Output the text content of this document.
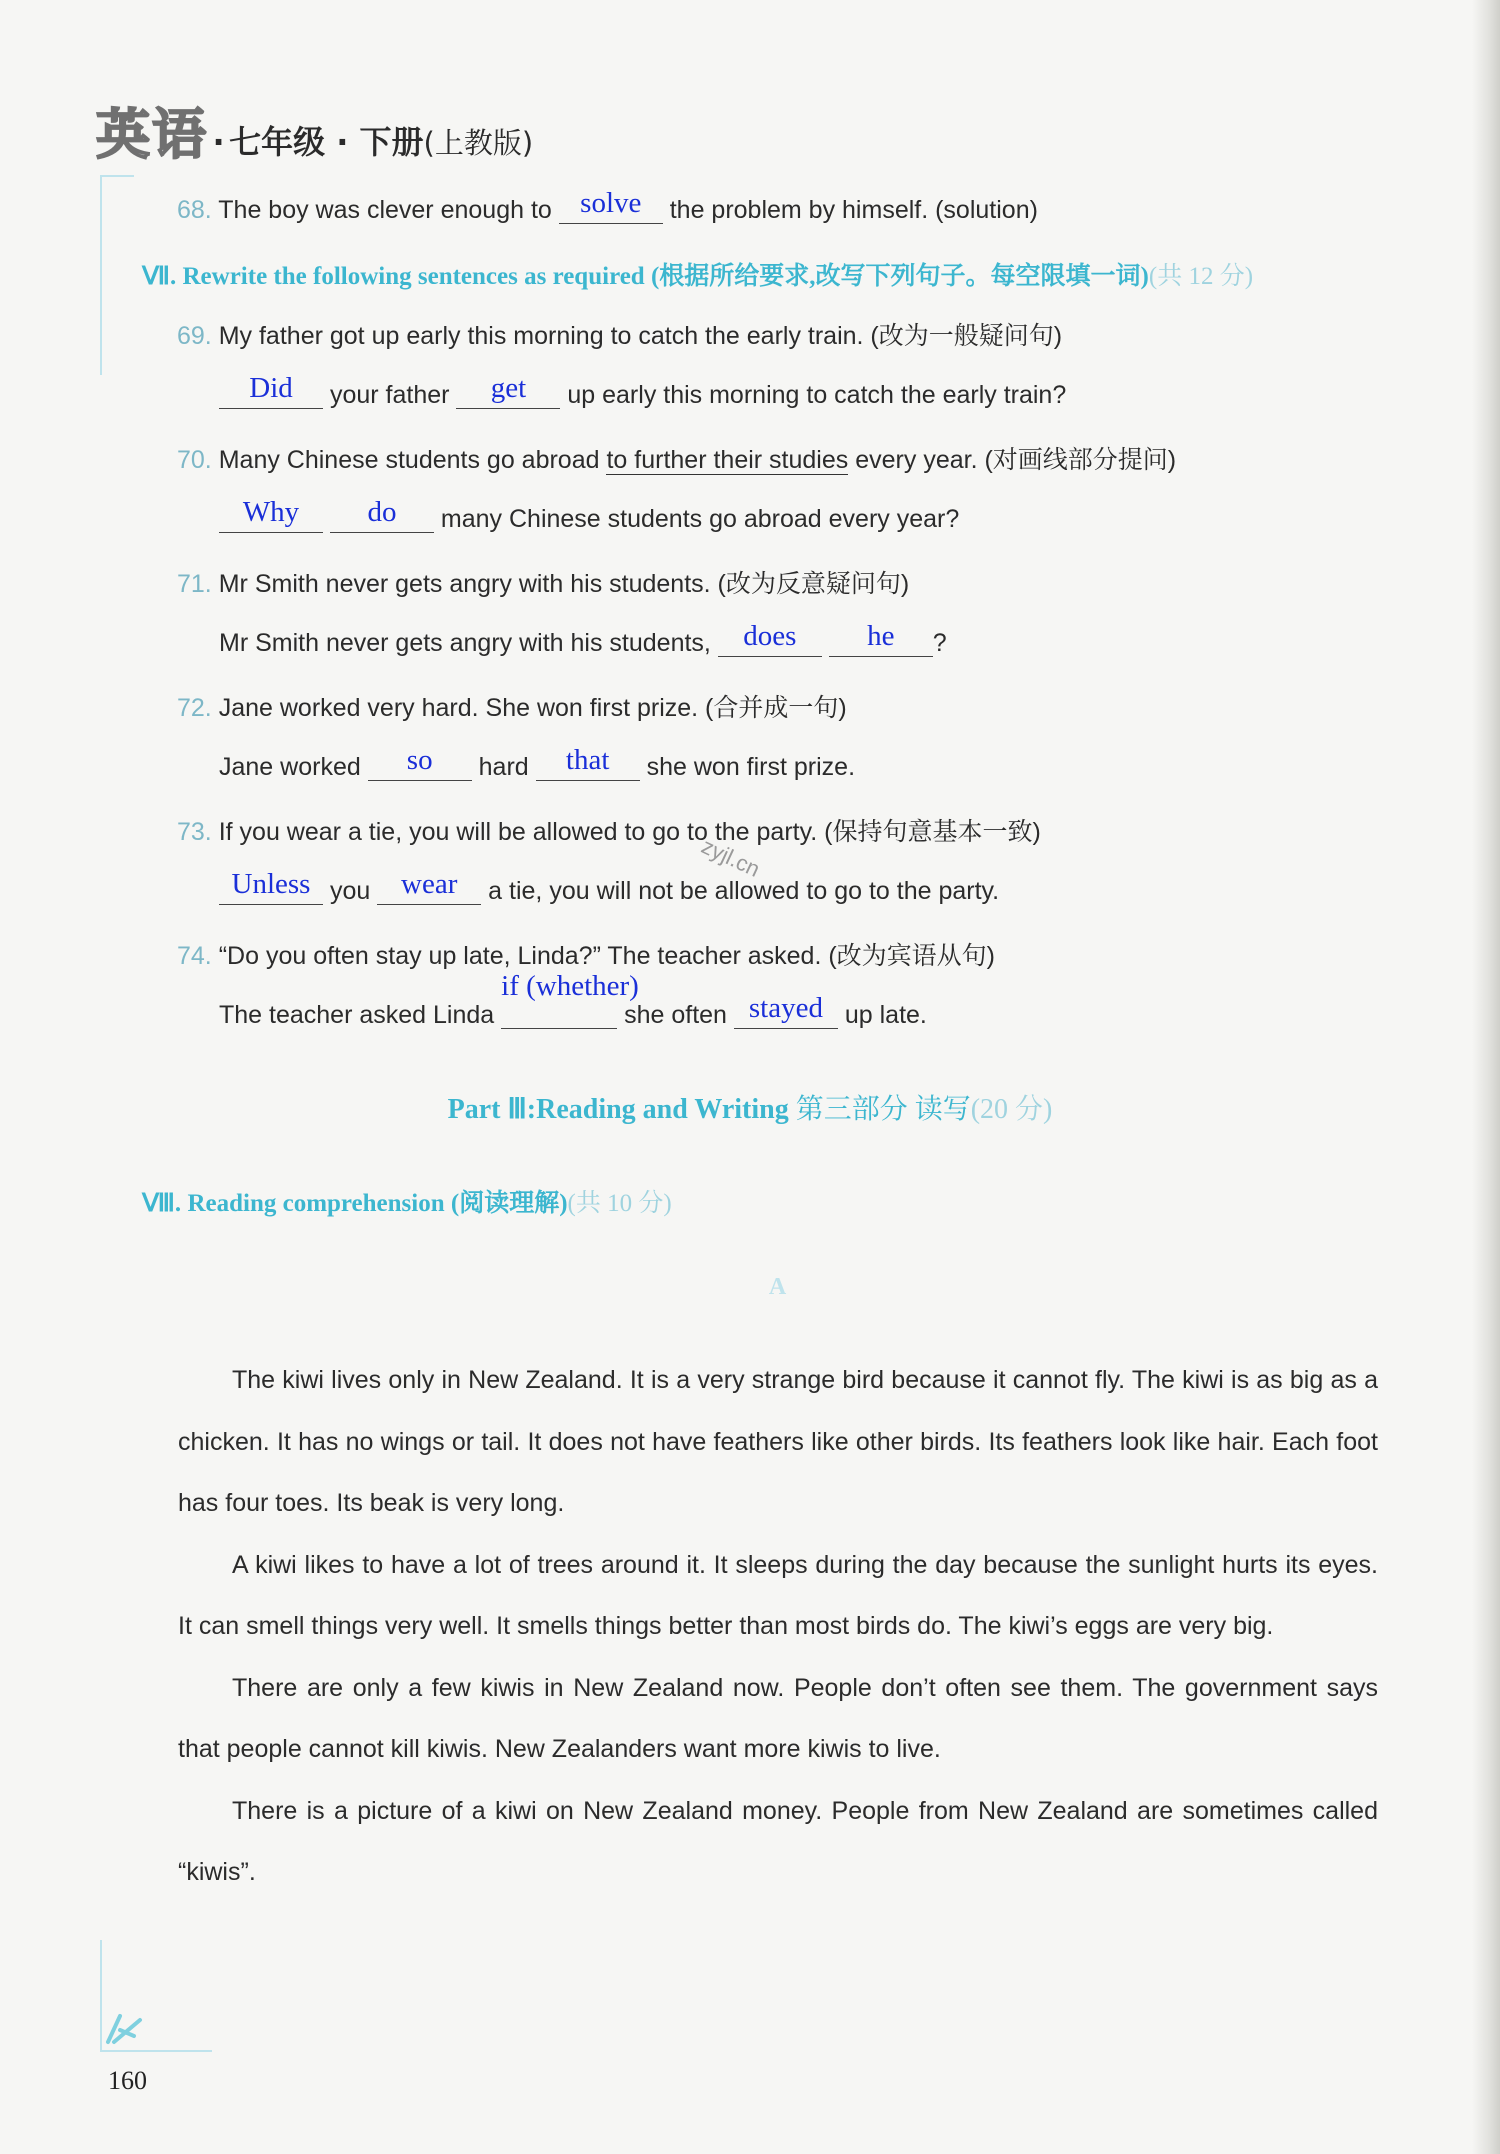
英语 · 七年级 · 下册(上教版)
68. The boy was clever enough to solve the problem by himself. (solution)
Ⅶ. Rewrite the following sentences as required (根据所给要求,改写下列句子。每空限填一词)(共 12 分)
69. My father got up early this morning to catch the early train. (改为一般疑问句)
Did your father get up early this morning to catch the early train?
70. Many Chinese students go abroad to further their studies every year. (对画线部分提问)
Why do many Chinese students go abroad every year?
71. Mr Smith never gets angry with his students. (改为反意疑问句)
Mr Smith never gets angry with his students, does he ?
72. Jane worked very hard. She won first prize. (合并成一句)
Jane worked so hard that she won first prize.
73. If you wear a tie, you will be allowed to go to the party. (保持句意基本一致)
zyjl.cn
Unless you wear a tie, you will not be allowed to go to the party.
74. “Do you often stay up late, Linda?” The teacher asked. (改为宾语从句)
The teacher asked Linda if (whether) she often stayed up late.
Part Ⅲ:Reading and Writing 第三部分 读写(20 分)
Ⅷ. Reading comprehension (阅读理解)(共 10 分)
A
The kiwi lives only in New Zealand. It is a very strange bird because it cannot fly. The kiwi is as big as a chicken. It has no wings or tail. It does not have feathers like other birds. Its feathers look like hair. Each foot has four toes. Its beak is very long.
A kiwi likes to have a lot of trees around it. It sleeps during the day because the sunlight hurts its eyes. It can smell things very well. It smells things better than most birds do. The kiwi’s eggs are very big.
There are only a few kiwis in New Zealand now. People don’t often see them. The government says that people cannot kill kiwis. New Zealanders want more kiwis to live.
There is a picture of a kiwi on New Zealand money. People from New Zealand are sometimes called “kiwis”.
160
